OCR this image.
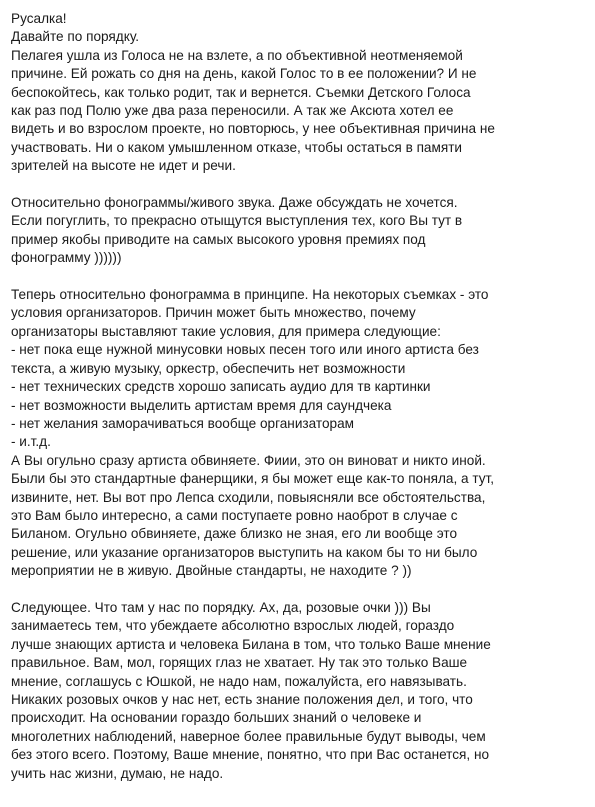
Русалка!
Давайте по порядку.
Пелагея ушла из Голоса не на взлете, а по объективной неотменяемой
причине. Ей рожать со дня на день, какой Голос то в ее положении? И не
беспокойтесь, как только родит, так и вернется. Съемки Детского Голоса
как раз под Полю уже два раза переносили. А так же Аксюта хотел ее
видеть и во взрослом проекте, но повторюсь, у нее объективная причина не
участвовать. Ни о каком умышленном отказе, чтобы остаться в памяти
зрителей на высоте не идет и речи.
Относительно фонограммы/живого звука. Даже обсуждать не хочется.
Если погуглить, то прекрасно отыщутся выступления тех, кого Вы тут в
пример якобы приводите на самых высокого уровня премиях под
фонограмму ))))))
Теперь относительно фонограмма в принципе. На некоторых съемках - это
условия организаторов. Причин может быть множество, почему
организаторы выставляют такие условия, для примера следующие:
- нет пока еще нужной минусовки новых песен того или иного артиста без
текста, а живую музыку, оркестр, обеспечить нет возможности
- нет технических средств хорошо записать аудио для тв картинки
- нет возможности выделить артистам время для саундчека
- нет желания заморачиваться вообще организаторам
- и.т.д.
А Вы огульно сразу артиста обвиняете. Фиии, это он виноват и никто иной.
Были бы это стандартные фанерщики, я бы может еще как-то поняла, а тут,
извините, нет. Вы вот про Лепса сходили, повыясняли все обстоятельства,
это Вам было интересно, а сами поступаете ровно наоброт в случае с
Биланом. Огульно обвиняете, даже близко не зная, его ли вообще это
решение, или указание организаторов выступить на каком бы то ни было
мероприятии не в живую. Двойные стандарты, не находите ? ))
Следующее. Что там у нас по порядку. Ах, да, розовые очки ))) Вы
занимаетесь тем, что убеждаете абсолютно взрослых людей, гораздо
лучше знающих артиста и человека Билана в том, что только Ваше мнение
правильное. Вам, мол, горящих глаз не хватает. Ну так это только Ваше
мнение, соглашусь с Юшкой, не надо нам, пожалуйста, его навязывать.
Никаких розовых очков у нас нет, есть знание положения дел, и того, что
происходит. На основании гораздо больших знаний о человеке и
многолетних наблюдений, наверное более правильные будут выводы, чем
без этого всего. Поэтому, Ваше мнение, понятно, что при Вас останется, но
учить нас жизни, думаю, не надо.
